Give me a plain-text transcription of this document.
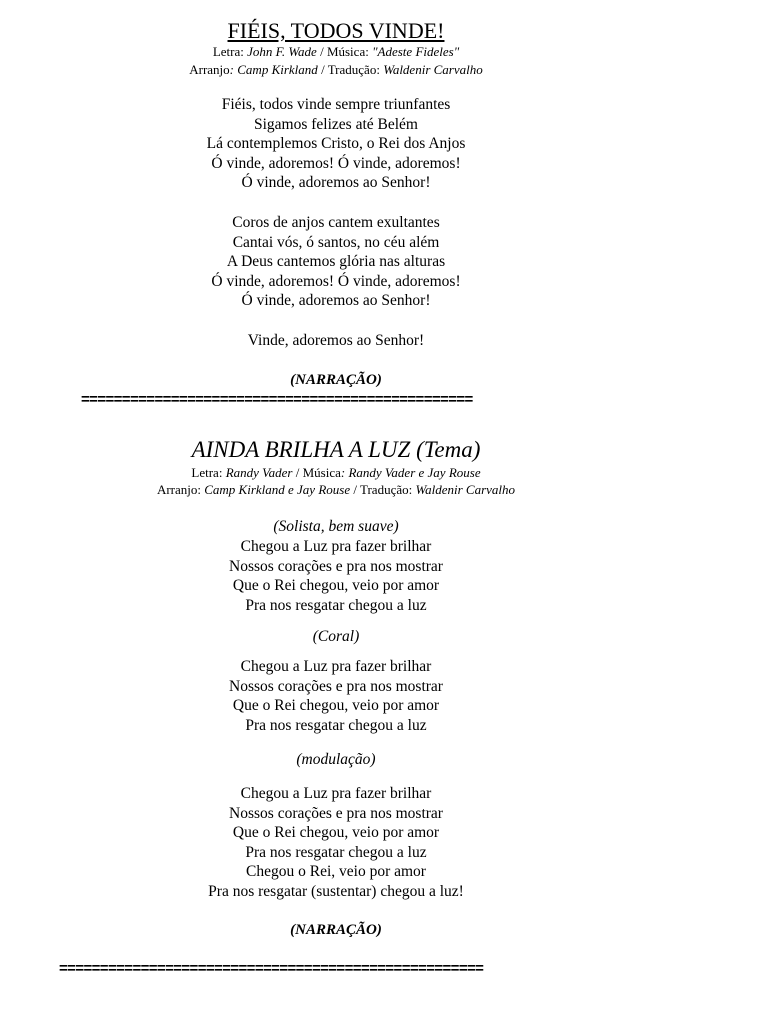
FIÉIS, TODOS VINDE!
Letra: John F. Wade / Música: "Adeste Fideles"
Arranjo: Camp Kirkland / Tradução: Waldenir Carvalho

Fiéis, todos vinde sempre triunfantes

Sigamos felizes até Belém

Lá contemplemos Cristo, o Rei dos Anjos

Ó vinde, adoremos! Ó vinde, adoremos!

Ó vinde, adoremos ao Senhor!

Coros de anjos cantem exultantes

Cantai vós, ó santos, no céu além

A Deus cantemos glória nas alturas

Ó vinde, adoremos! Ó vinde, adoremos!

Ó vinde, adoremos ao Senhor!

Vinde, adoremos ao Senhor!
(NARRAÇÃO)
================================================
AINDA BRILHA A LUZ (Tema)
Letra: Randy Vader / Música: Randy Vader e Jay Rouse
Arranjo: Camp Kirkland e Jay Rouse / Tradução: Waldenir Carvalho
(Solista, bem suave)

Chegou a Luz pra fazer brilhar

Nossos corações e pra nos mostrar

Que o Rei chegou, veio por amor

Pra nos resgatar chegou a luz

(Coral)

Chegou a Luz pra fazer brilhar

Nossos corações e pra nos mostrar

Que o Rei chegou, veio por amor

Pra nos resgatar chegou a luz

(modulação)

Chegou a Luz pra fazer brilhar

Nossos corações e pra nos mostrar

Que o Rei chegou, veio por amor

Pra nos resgatar chegou a luz

Chegou o Rei, veio por amor

Pra nos resgatar (sustentar) chegou a luz!

(NARRAÇÃO)
====================================================
